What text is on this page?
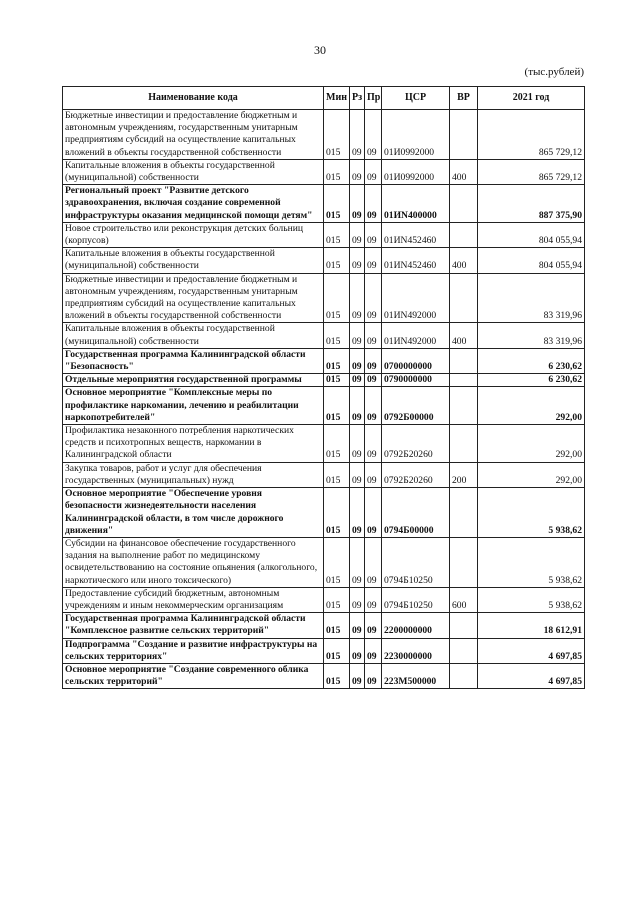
30
(тыс.рублей)
Наименование кода	Мин	Рз	Пр	ЦСР	ВР	2021 год
Бюджетные инвестиции и предоставление бюджетным и автономным учреждениям, государственным унитарным предприятиям субсидий на осуществление капитальных вложений в объекты государственной собственности	015	09	09	01И0992000		865 729,12
Капитальные вложения в объекты государственной (муниципальной) собственности	015	09	09	01И0992000	400	865 729,12
Региональный проект "Развитие детского здравоохранения, включая создание современной инфраструктуры оказания медицинской помощи детям"	015	09	09	01ИN400000		887 375,90
Новое строительство или реконструкция детских больниц (корпусов)	015	09	09	01ИN452460		804 055,94
Капитальные вложения в объекты государственной (муниципальной) собственности	015	09	09	01ИN452460	400	804 055,94
Бюджетные инвестиции и предоставление бюджетным и автономным учреждениям, государственным унитарным предприятиям субсидий на осуществление капитальных вложений в объекты государственной собственности	015	09	09	01ИN492000		83 319,96
Капитальные вложения в объекты государственной (муниципальной) собственности	015	09	09	01ИN492000	400	83 319,96
Государственная программа Калининградской области "Безопасность"	015	09	09	0700000000		6 230,62
Отдельные мероприятия государственной программы	015	09	09	0790000000		6 230,62
Основное мероприятие "Комплексные меры по профилактике наркомании, лечению и реабилитации наркопотребителей"	015	09	09	0792Б00000		292,00
Профилактика незаконного потребления наркотических средств и психотропных веществ, наркомании в Калининградской области	015	09	09	0792Б20260		292,00
Закупка товаров, работ и услуг для обеспечения государственных (муниципальных) нужд	015	09	09	0792Б20260	200	292,00
Основное мероприятие "Обеспечение уровня безопасности жизнедеятельности населения Калининградской области, в том числе дорожного движения"	015	09	09	0794Б00000		5 938,62
Субсидии на финансовое обеспечение государственного задания на выполнение работ по медицинскому освидетельствованию на состояние опьянения (алкогольного, наркотического или иного токсического)	015	09	09	0794Б10250		5 938,62
Предоставление субсидий бюджетным, автономным учреждениям и иным некоммерческим организациям	015	09	09	0794Б10250	600	5 938,62
Государственная программа Калининградской области "Комплексное развитие сельских территорий"	015	09	09	2200000000		18 612,91
Подпрограмма "Создание и развитие инфраструктуры на сельских территориях"	015	09	09	2230000000		4 697,85
Основное мероприятие "Создание современного облика сельских территорий"	015	09	09	223М500000		4 697,85
